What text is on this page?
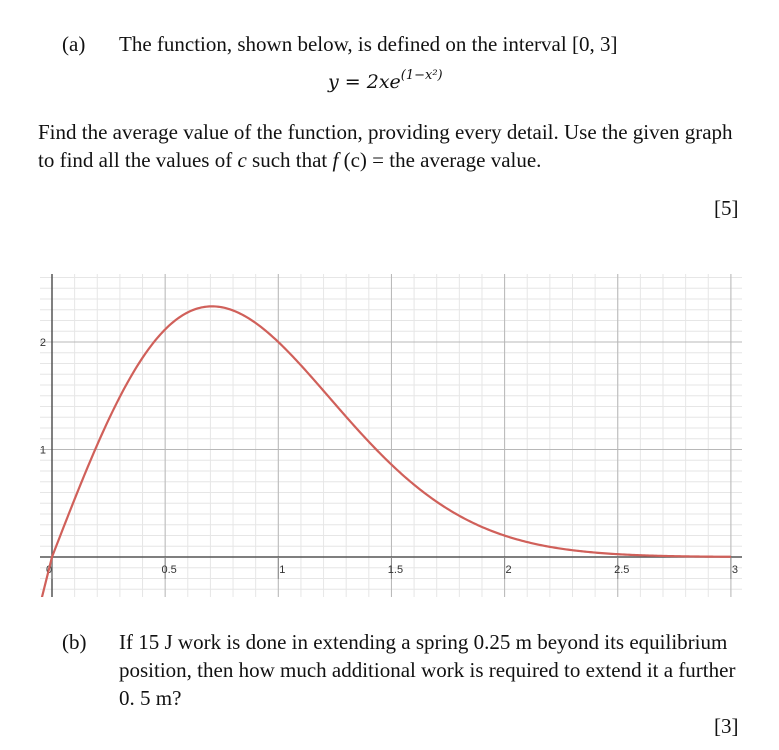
(a) The function, shown below, is defined on the interval [0, 3]
$y = 2xe^{(1-x^2)}$
Find the average value of the function, providing every detail. Use the given graph
to find all the values of c such that f (c) = the average value.
[5]
0	0.5	1	1.5	2	2.5	3
1
2
(b) If 15 J work is done in extending a spring 0.25 m beyond its equilibrium
position, then how much additional work is required to extend it a further
0. 5 m?
[3]
